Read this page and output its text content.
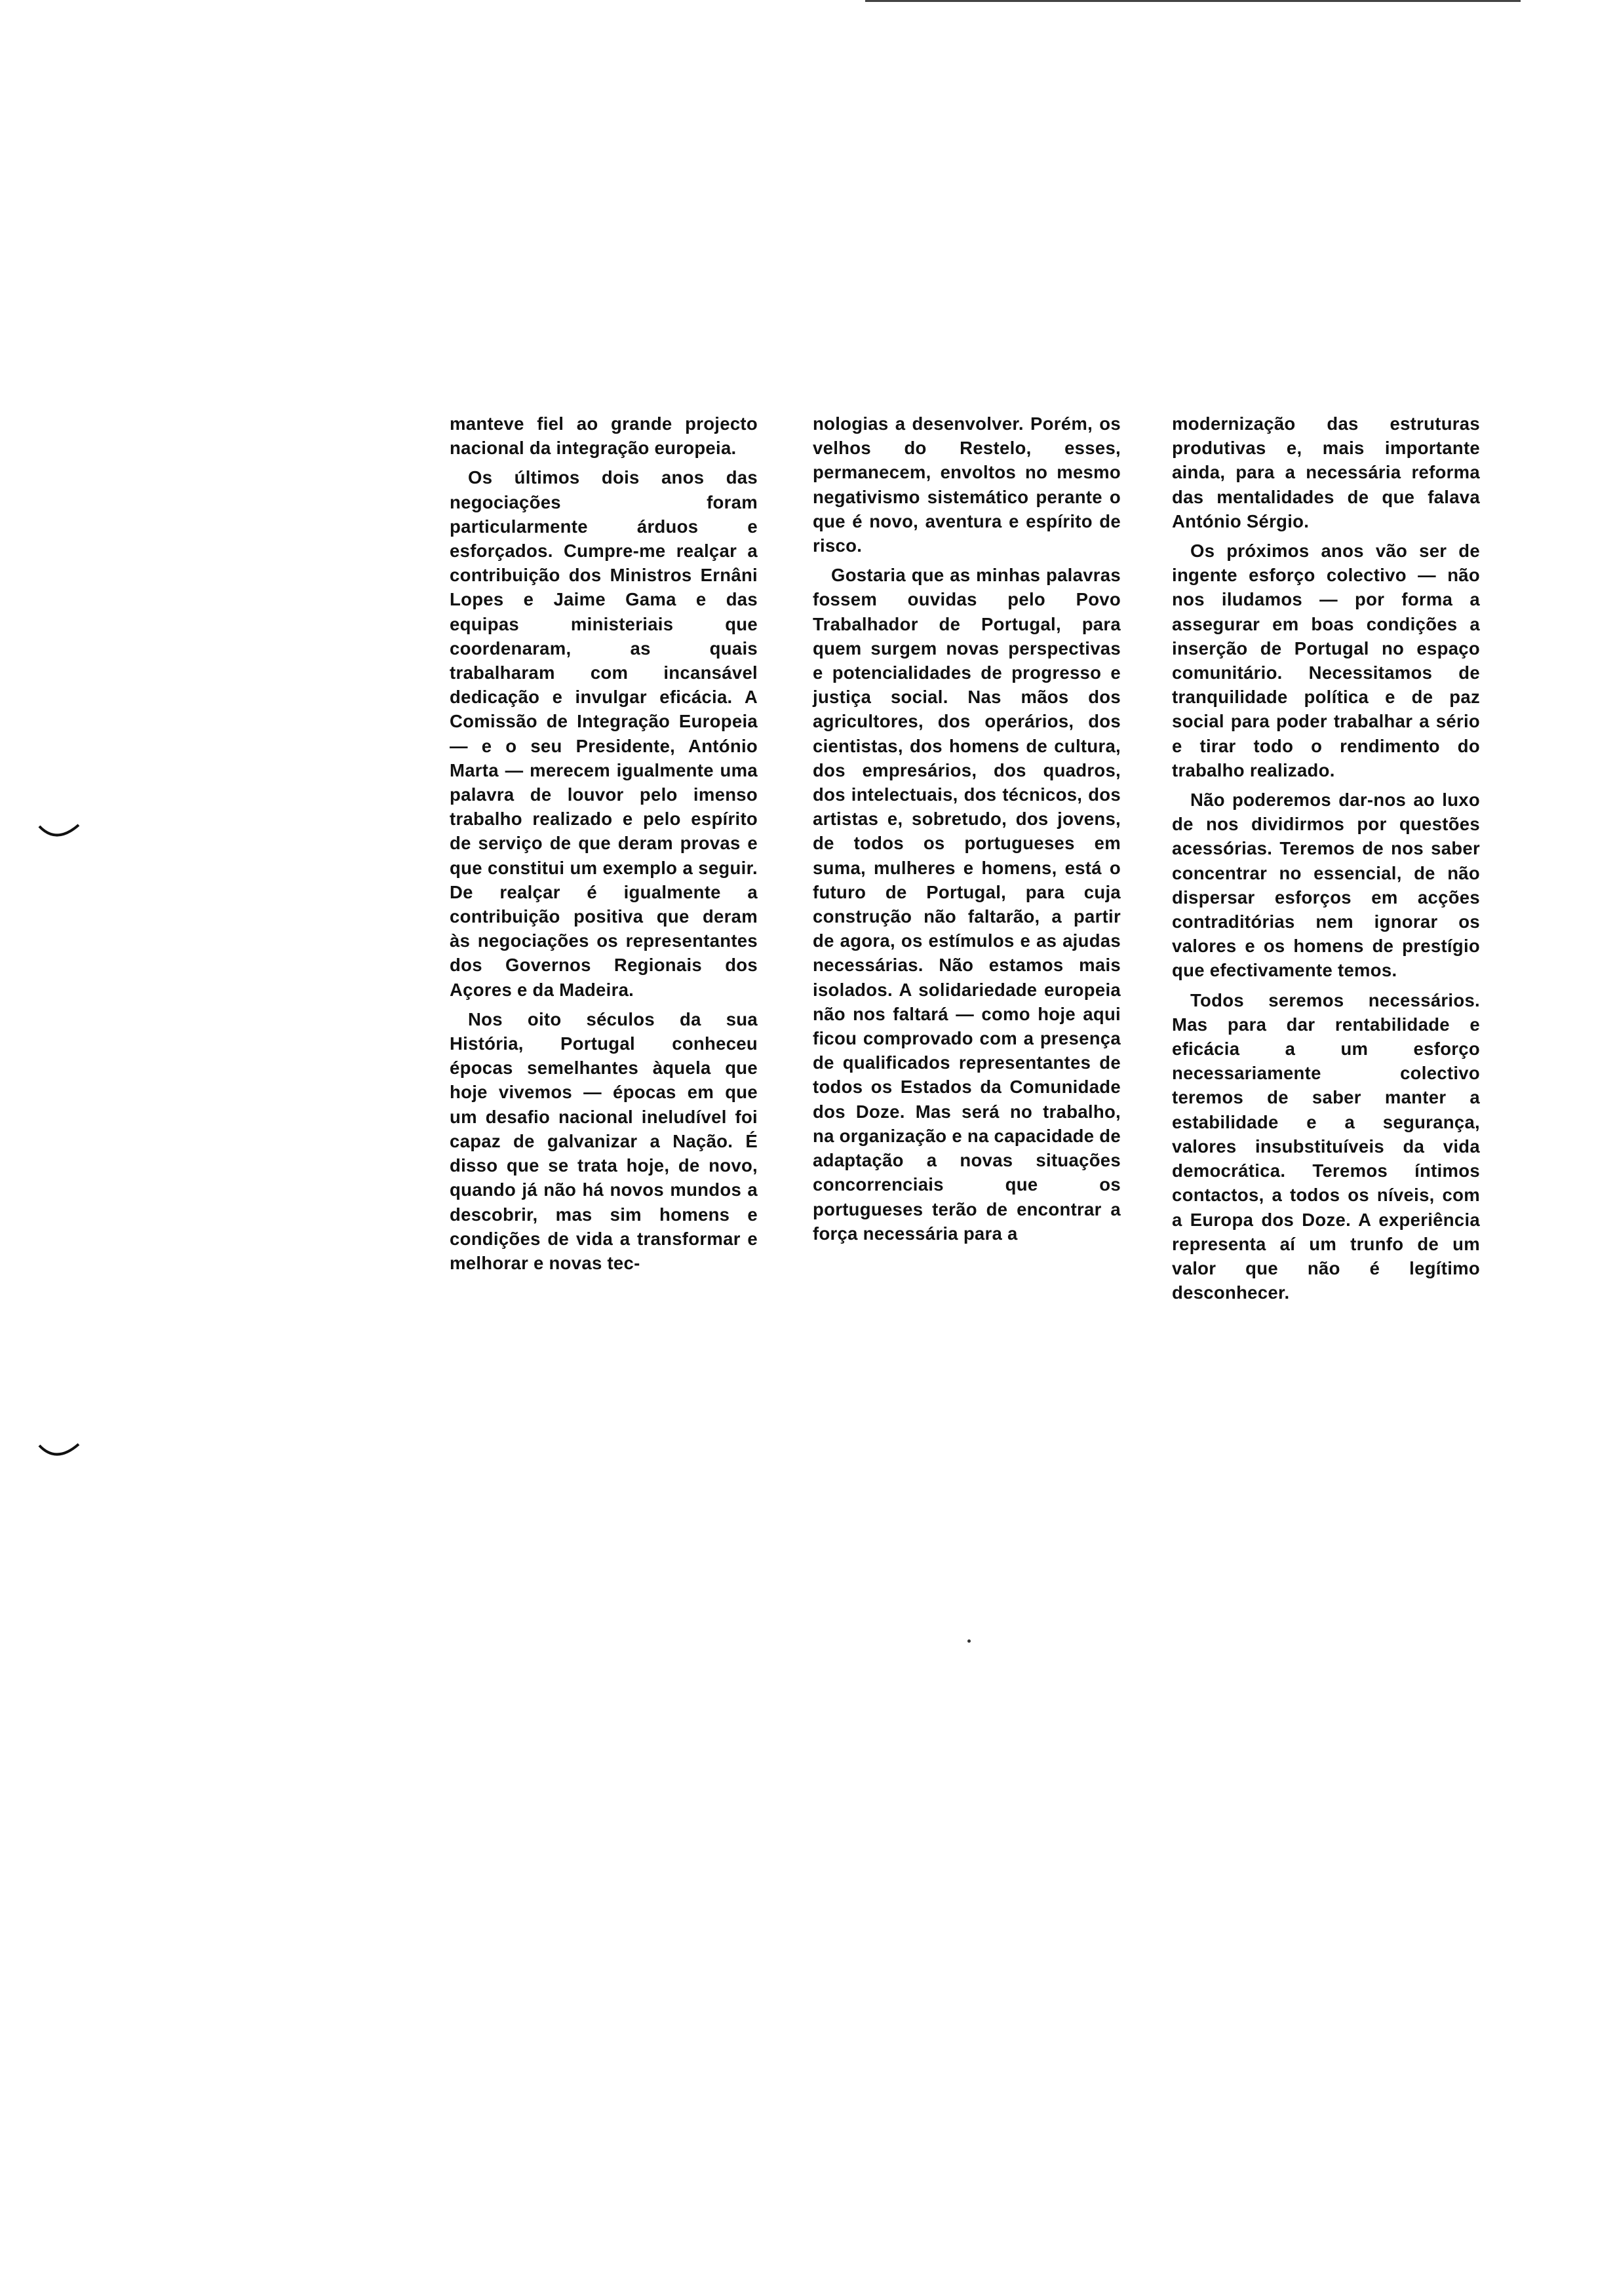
manteve fiel ao grande projecto nacional da integração europeia.

Os últimos dois anos das negociações foram particularmente árduos e esforçados. Cumpre-me realçar a contribuição dos Ministros Ernâni Lopes e Jaime Gama e das equipas ministeriais que coordenaram, as quais trabalharam com incansável dedicação e invulgar eficácia. A Comissão de Integração Europeia — e o seu Presidente, António Marta — merecem igualmente uma palavra de louvor pelo imenso trabalho realizado e pelo espírito de serviço de que deram provas e que constitui um exemplo a seguir. De realçar é igualmente a contribuição positiva que deram às negociações os representantes dos Governos Regionais dos Açores e da Madeira.

Nos oito séculos da sua História, Portugal conheceu épocas semelhantes àquela que hoje vivemos — épocas em que um desafio nacional ineludível foi capaz de galvanizar a Nação. É disso que se trata hoje, de novo, quando já não há novos mundos a descobrir, mas sim homens e condições de vida a transformar e melhorar e novas tec-

nologias a desenvolver. Porém, os velhos do Restelo, esses, permanecem, envoltos no mesmo negativismo sistemático perante o que é novo, aventura e espírito de risco.

Gostaria que as minhas palavras fossem ouvidas pelo Povo Trabalhador de Portugal, para quem surgem novas perspectivas e potencialidades de progresso e justiça social. Nas mãos dos agricultores, dos operários, dos cientistas, dos homens de cultura, dos empresários, dos quadros, dos intelectuais, dos técnicos, dos artistas e, sobretudo, dos jovens, de todos os portugueses em suma, mulheres e homens, está o futuro de Portugal, para cuja construção não faltarão, a partir de agora, os estímulos e as ajudas necessárias. Não estamos mais isolados. A solidariedade europeia não nos faltará — como hoje aqui ficou comprovado com a presença de qualificados representantes de todos os Estados da Comunidade dos Doze. Mas será no trabalho, na organização e na capacidade de adaptação a novas situações concorrenciais que os portugueses terão de encontrar a força necessária para a

modernização das estruturas produtivas e, mais importante ainda, para a necessária reforma das mentalidades de que falava António Sérgio.

Os próximos anos vão ser de ingente esforço colectivo — não nos iludamos — por forma a assegurar em boas condições a inserção de Portugal no espaço comunitário. Necessitamos de tranquilidade política e de paz social para poder trabalhar a sério e tirar todo o rendimento do trabalho realizado.

Não poderemos dar-nos ao luxo de nos dividirmos por questões acessórias. Teremos de nos saber concentrar no essencial, de não dispersar esforços em acções contraditórias nem ignorar os valores e os homens de prestígio que efectivamente temos.

Todos seremos necessários. Mas para dar rentabilidade e eficácia a um esforço necessariamente colectivo teremos de saber manter a estabilidade e a segurança, valores insubstituíveis da vida democrática. Teremos íntimos contactos, a todos os níveis, com a Europa dos Doze. A experiência representa aí um trunfo de um valor que não é legítimo desconhecer.
